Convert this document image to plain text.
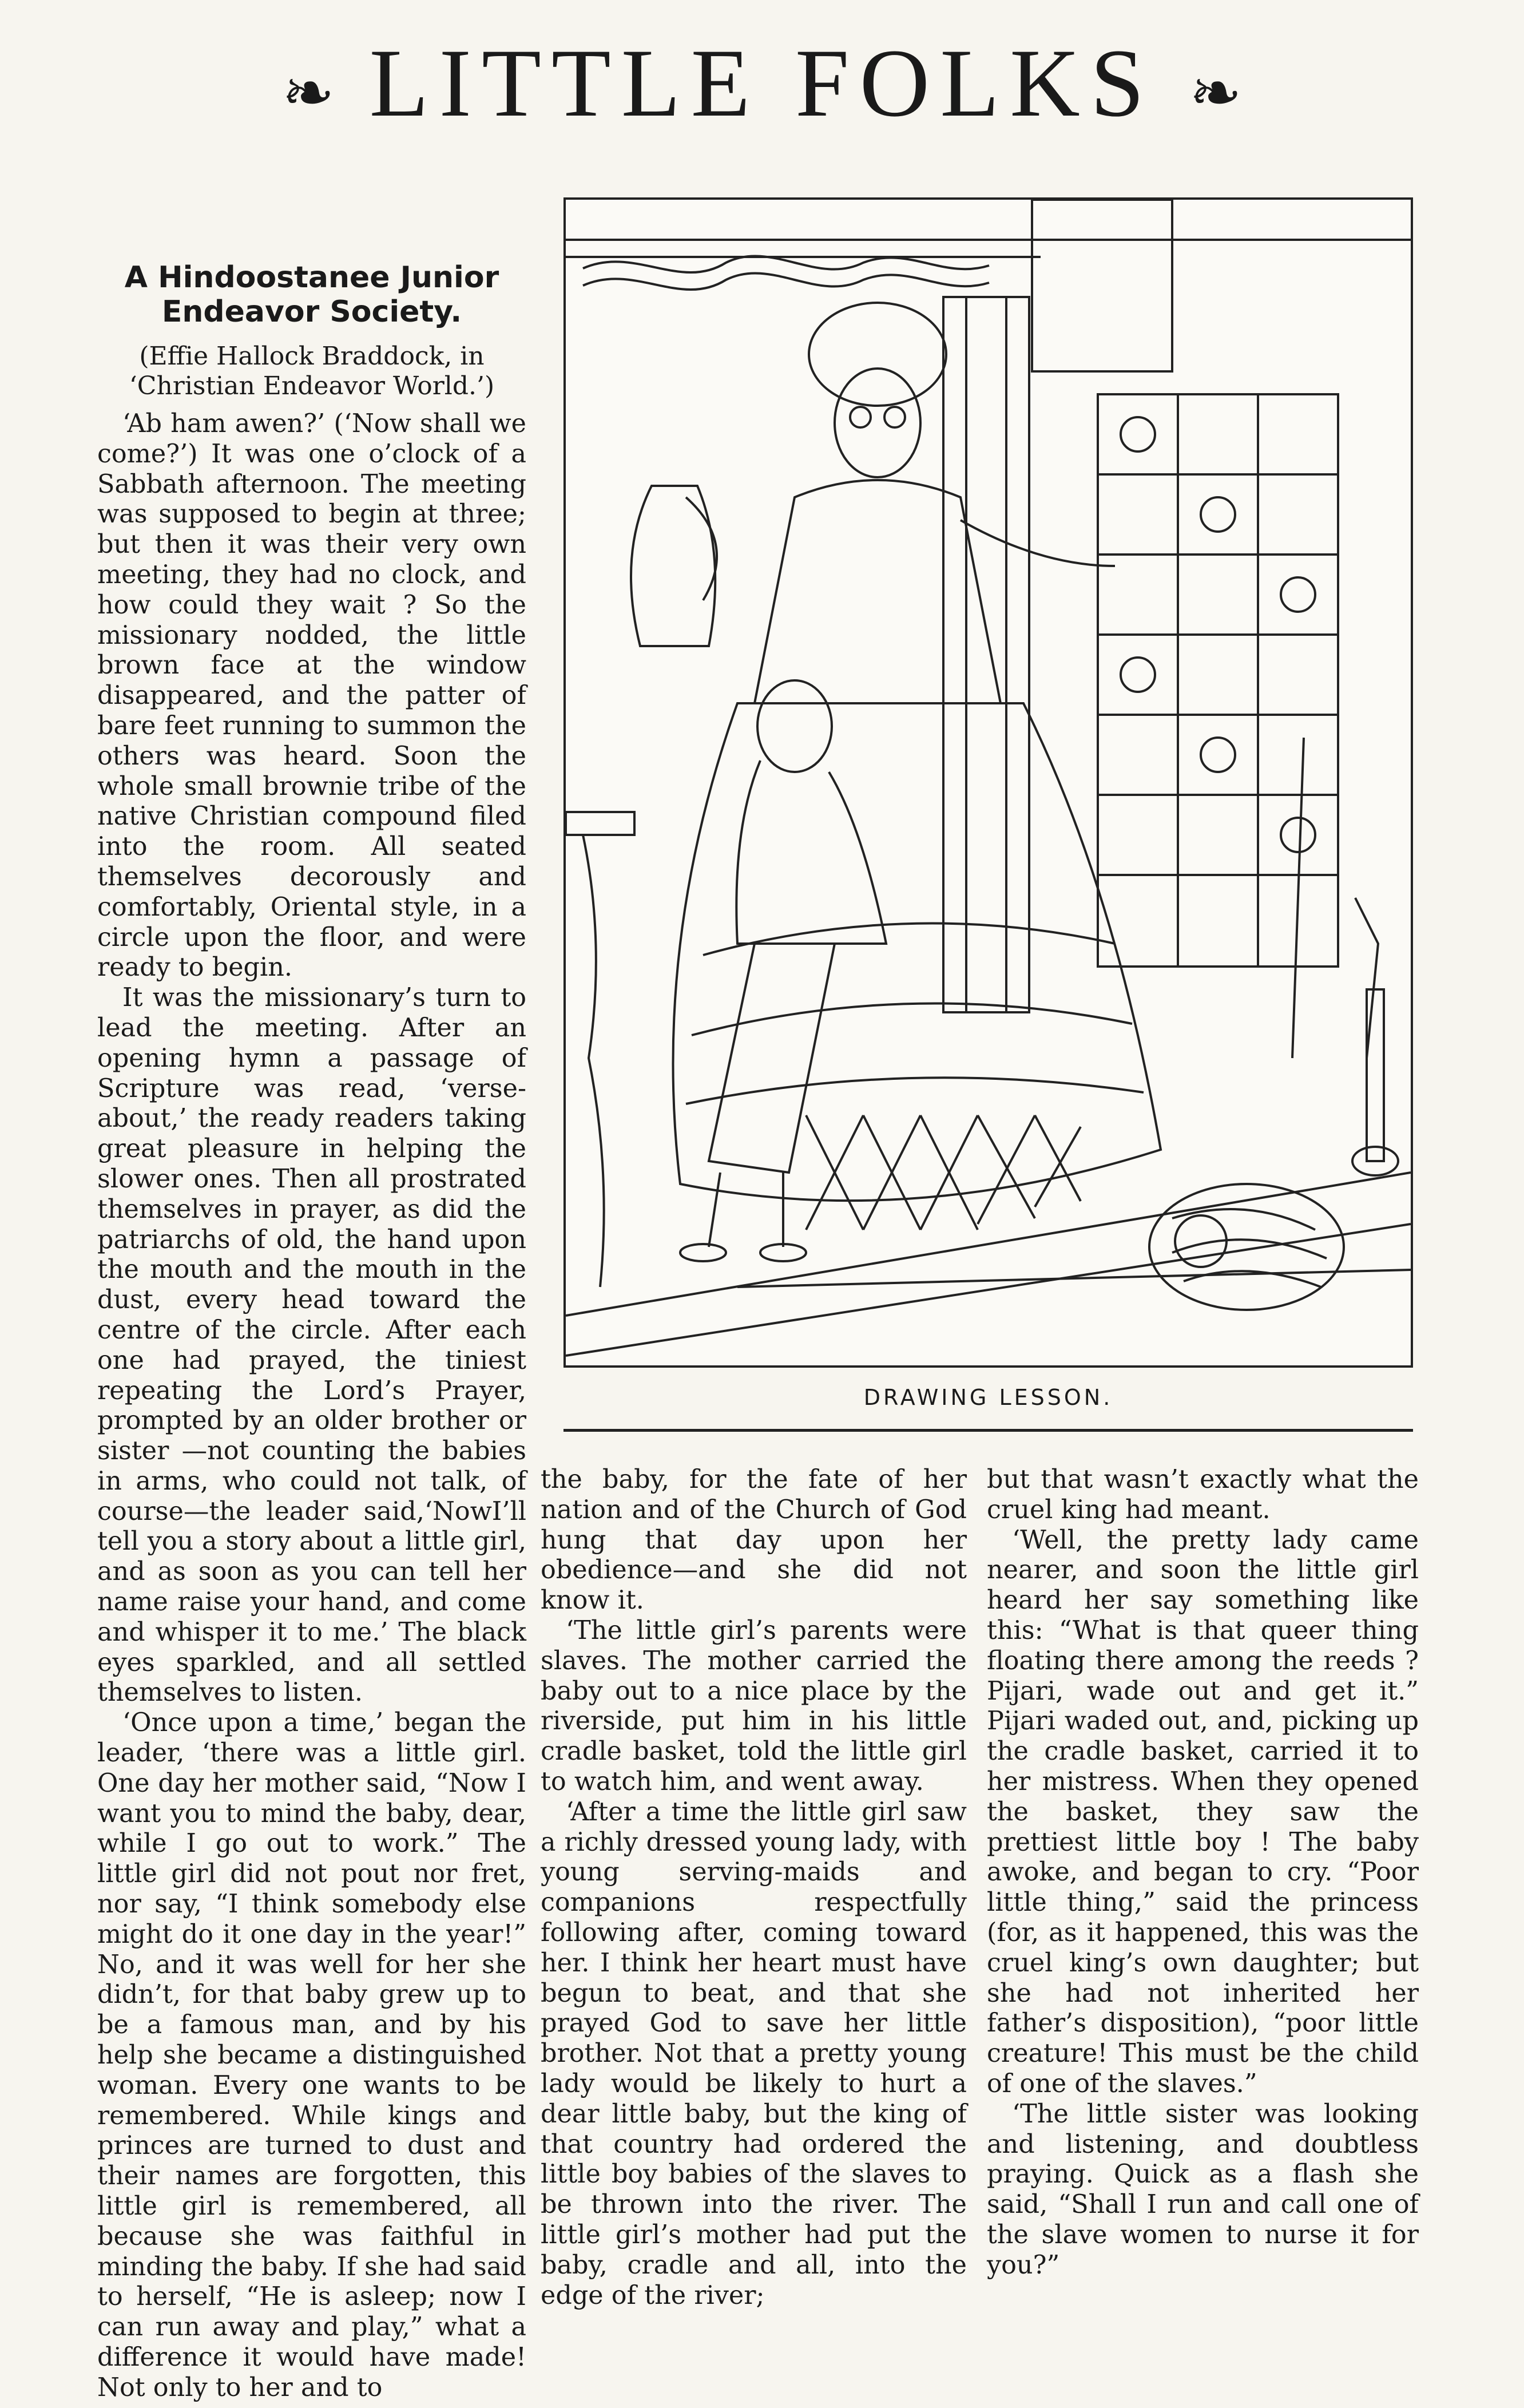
❧ LITTLE FOLKS ❧
A Hindoostanee Junior Endeavor Society.
(Effie Hallock Braddock, in ‘Christian Endeavor World.’)

‘Ab ham awen?’ (‘Now shall we come?’) It was one o’clock of a Sabbath afternoon. The meeting was supposed to begin at three; but then it was their very own meeting, they had no clock, and how could they wait ? So the missionary nodded, the little brown face at the window disappeared, and the patter of bare feet running to summon the others was heard. Soon the whole small brownie tribe of the native Christian compound filed into the room. All seated themselves decorously and comfortably, Oriental style, in a circle upon the floor, and were ready to begin.

It was the missionary’s turn to lead the meeting. After an opening hymn a passage of Scripture was read, ‘verse-about,’ the ready readers taking great pleasure in helping the slower ones. Then all prostrated themselves in prayer, as did the patriarchs of old, the hand upon the mouth and the mouth in the dust, every head toward the centre of the circle. After each one had prayed, the tiniest repeating the Lord’s Prayer, prompted by an older brother or sister —not counting the babies in arms, who could not talk, of course—the leader said,‘NowI’ll tell you a story about a little girl, and as soon as you can tell her name raise your hand, and come and whisper it to me.’ The black eyes sparkled, and all settled themselves to listen.

‘Once upon a time,’ began the leader, ‘there was a little girl. One day her mother said, “Now I want you to mind the baby, dear, while I go out to work.” The little girl did not pout nor fret, nor say, “I think somebody else might do it one day in the year!” No, and it was well for her she didn’t, for that baby grew up to be a famous man, and by his help she became a distinguished woman. Every one wants to be remembered. While kings and princes are turned to dust and their names are forgotten, this little girl is remembered, all because she was faithful in minding the baby. If she had said to herself, “He is asleep; now I can run away and play,” what a difference it would have made! Not only to her and to

DRAWING LESSON.

the baby, for the fate of her nation and of the Church of God hung that day upon her obedience—and she did not know it.

‘The little girl’s parents were slaves. The mother carried the baby out to a nice place by the riverside, put him in his little cradle basket, told the little girl to watch him, and went away.

‘After a time the little girl saw a richly dressed young lady, with young serving-maids and companions respectfully following after, coming toward her. I think her heart must have begun to beat, and that she prayed God to save her little brother. Not that a pretty young lady would be likely to hurt a dear little baby, but the king of that country had ordered the little boy babies of the slaves to be thrown into the river. The little girl’s mother had put the baby, cradle and all, into the edge of the river;

but that wasn’t exactly what the cruel king had meant.

‘Well, the pretty lady came nearer, and soon the little girl heard her say something like this: “What is that queer thing floating there among the reeds ? Pijari, wade out and get it.” Pijari waded out, and, picking up the cradle basket, carried it to her mistress. When they opened the basket, they saw the prettiest little boy ! The baby awoke, and began to cry. “Poor little thing,” said the princess (for, as it happened, this was the cruel king’s own daughter; but she had not inherited her father’s disposition), “poor little creature! This must be the child of one of the slaves.”

‘The little sister was looking and listening, and doubtless praying. Quick as a flash she said, “Shall I run and call one of the slave women to nurse it for you?”
